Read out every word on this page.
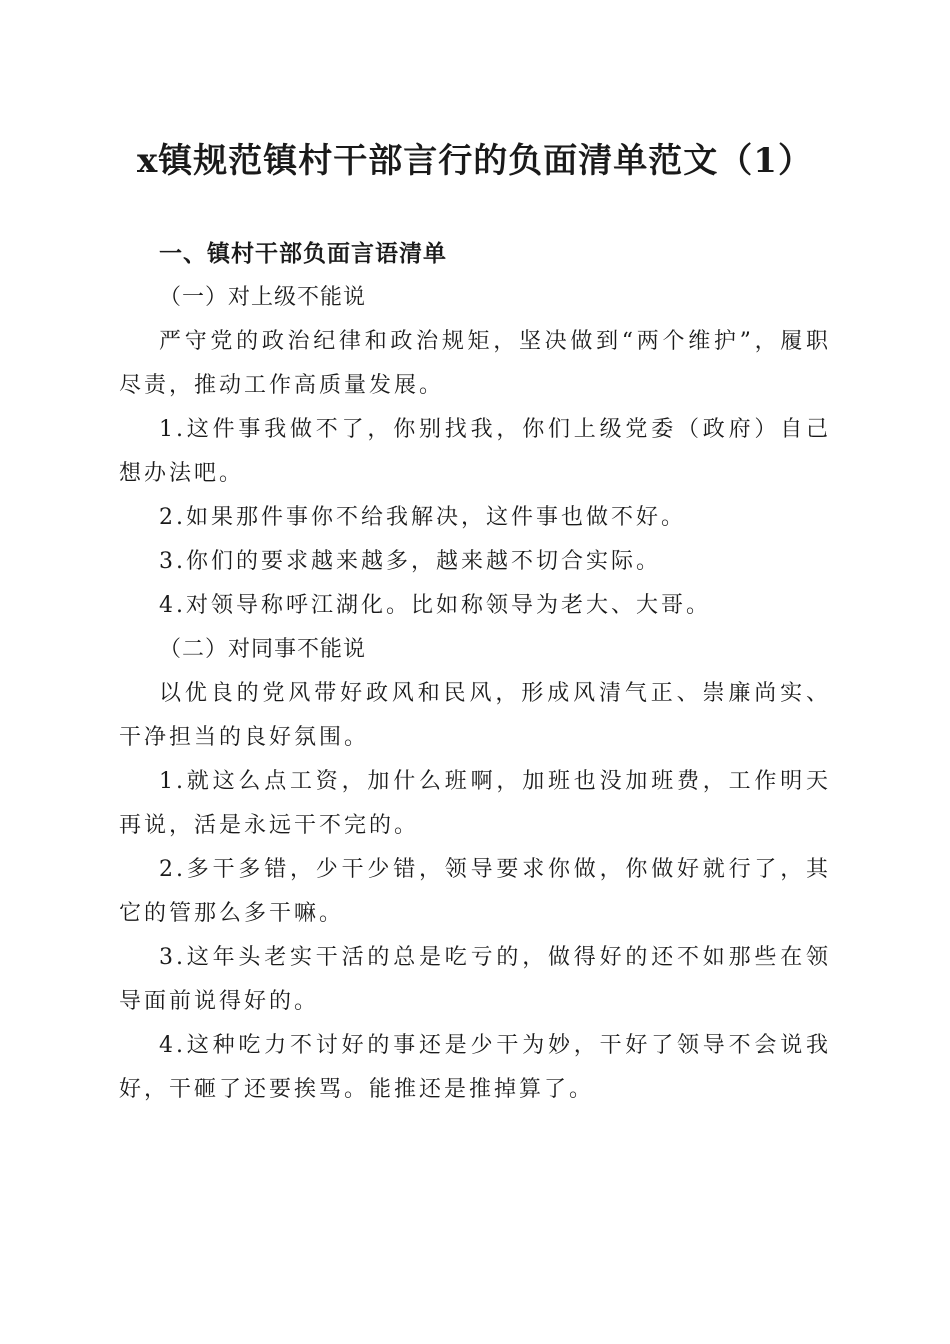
x镇规范镇村干部言行的负面清单范文（1）

一、镇村干部负面言语清单

（一）对上级不能说

严守党的政治纪律和政治规矩，坚决做到“两个维护”，履职尽责，推动工作高质量发展。

1.这件事我做不了，你别找我，你们上级党委（政府）自己想办法吧。

2.如果那件事你不给我解决，这件事也做不好。

3.你们的要求越来越多，越来越不切合实际。

4.对领导称呼江湖化。比如称领导为老大、大哥。

（二）对同事不能说

以优良的党风带好政风和民风，形成风清气正、崇廉尚实、干净担当的良好氛围。

1.就这么点工资，加什么班啊，加班也没加班费，工作明天再说，活是永远干不完的。

2.多干多错，少干少错，领导要求你做，你做好就行了，其它的管那么多干嘛。

3.这年头老实干活的总是吃亏的，做得好的还不如那些在领导面前说得好的。

4.这种吃力不讨好的事还是少干为妙，干好了领导不会说我好，干砸了还要挨骂。能推还是推掉算了。
